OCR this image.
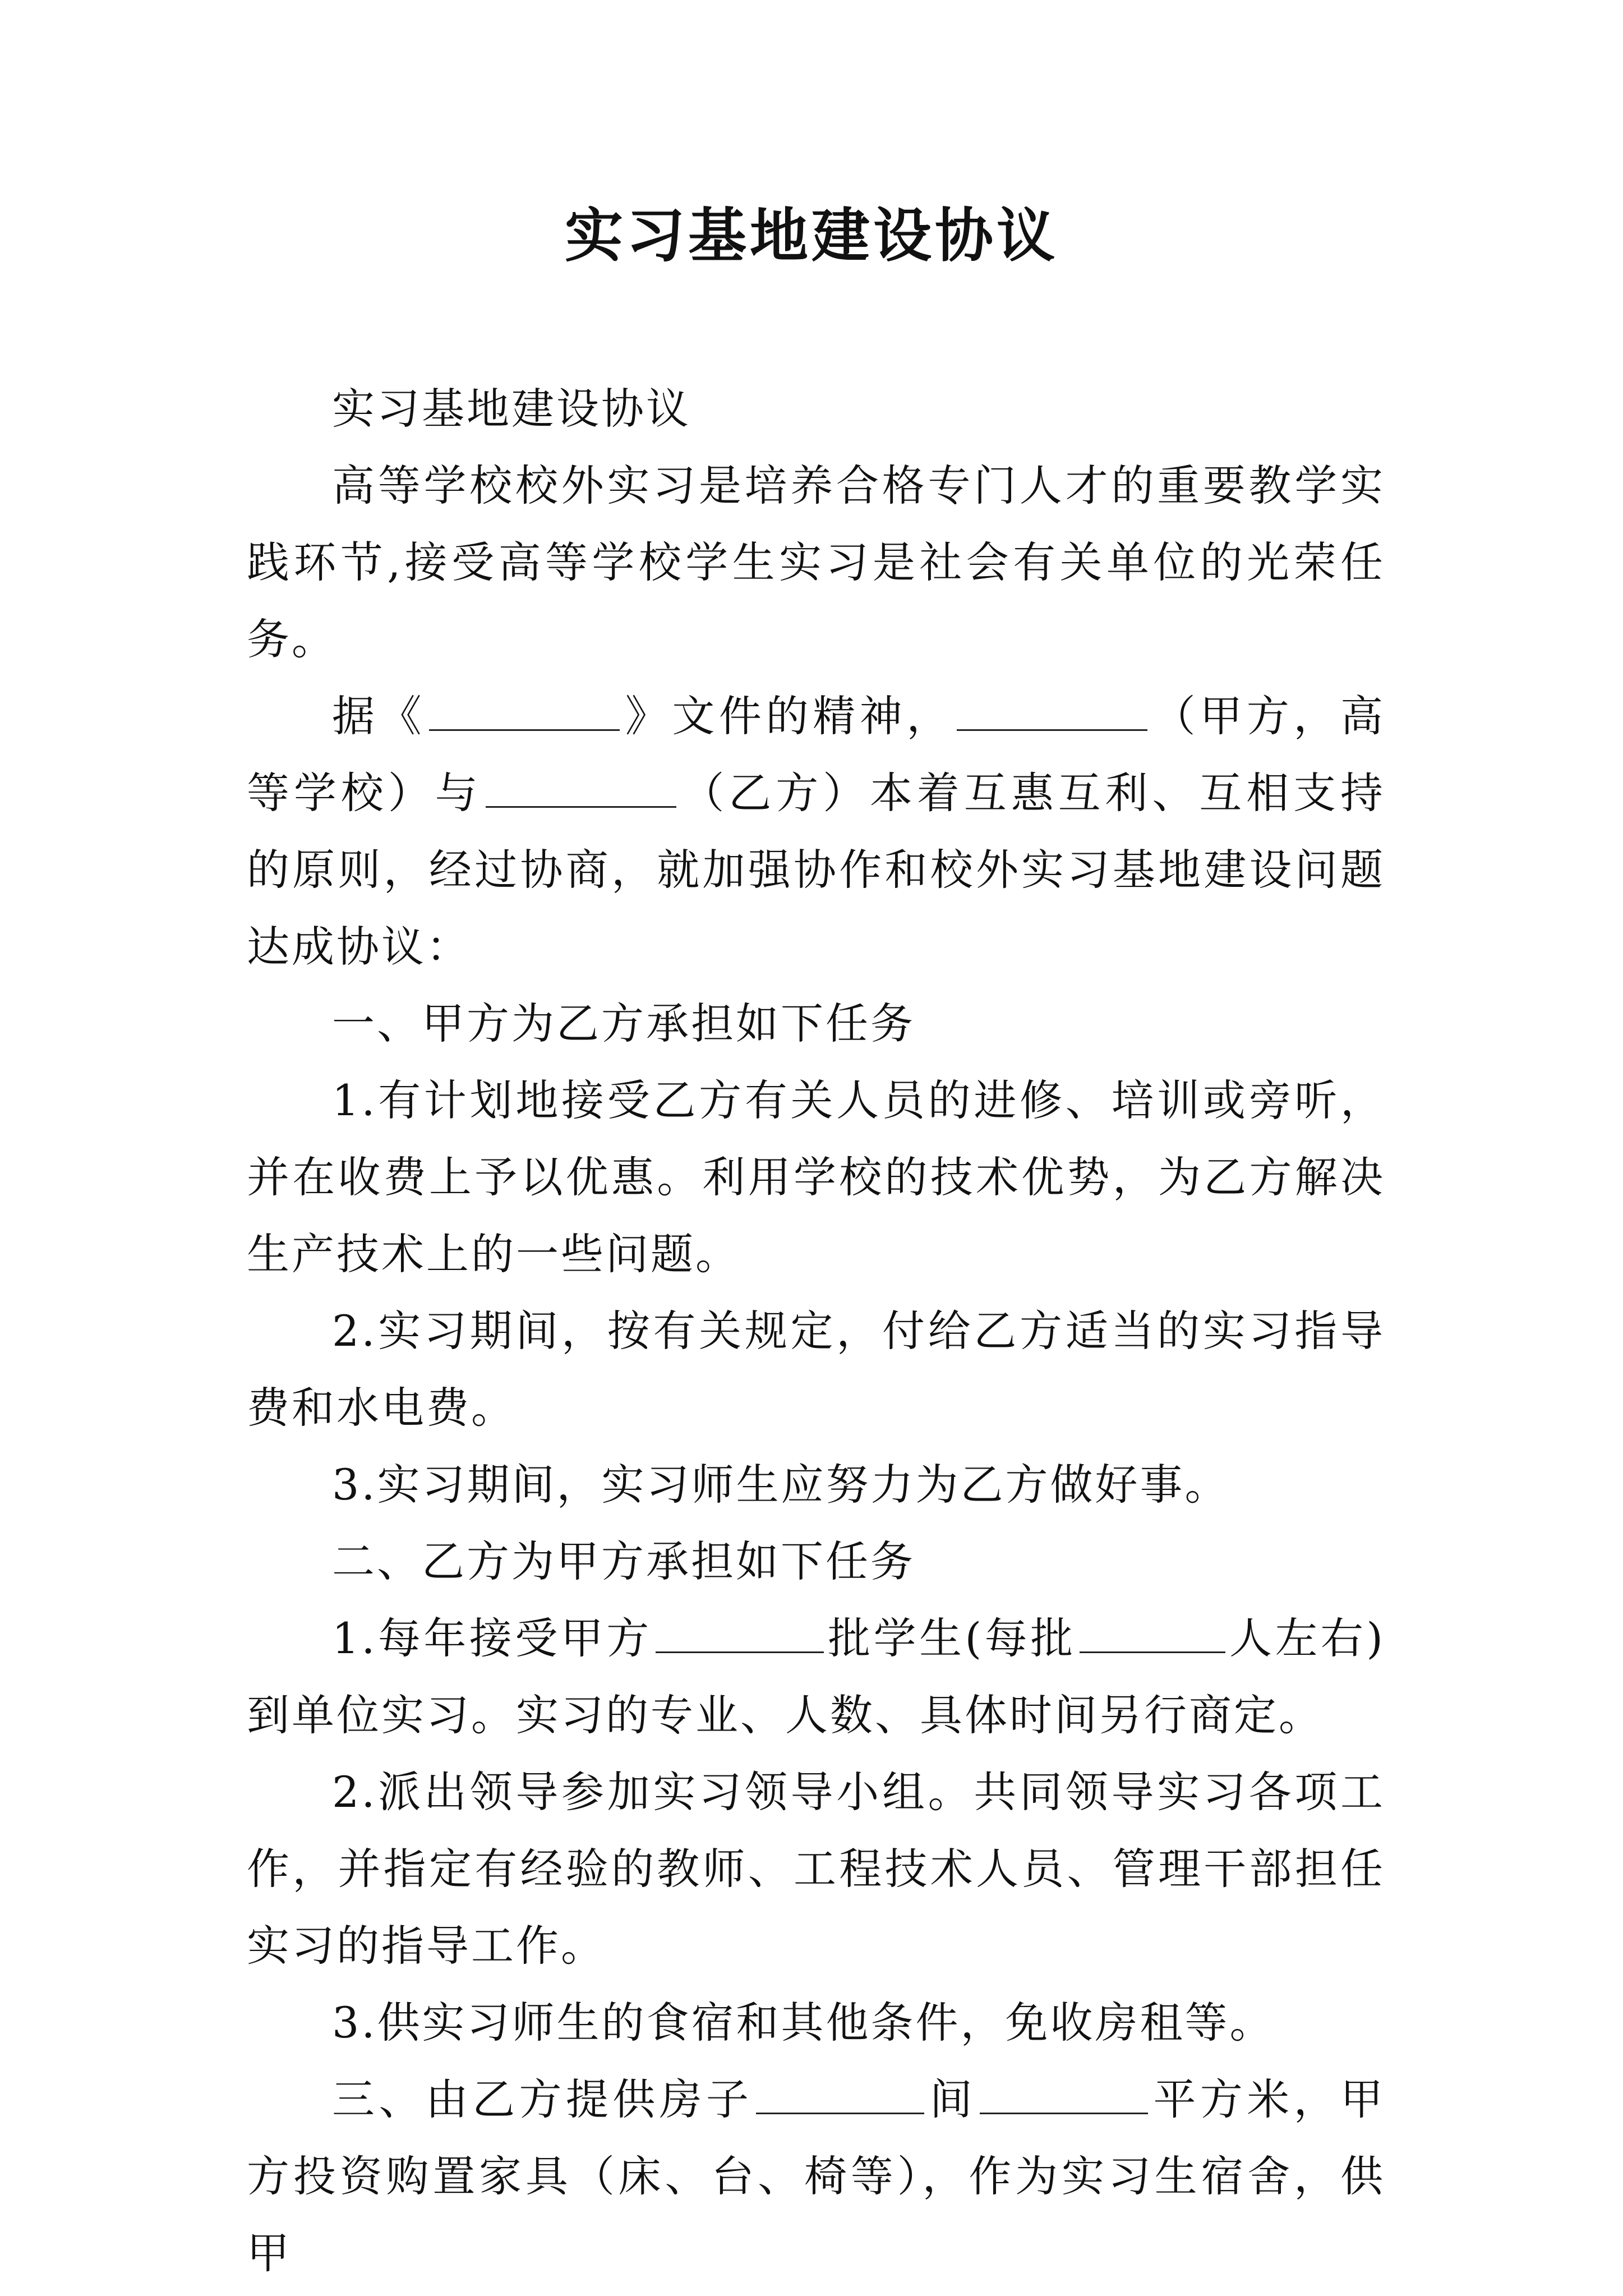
实习基地建设协议

实习基地建设协议

高等学校校外实习是培养合格专门人才的重要教学实践环节,接受高等学校学生实习是社会有关单位的光荣任务。

据《	》文件的精神，	（甲方，高等学校）与	（乙方）本着互惠互利、互相支持的原则，经过协商，就加强协作和校外实习基地建设问题达成协议：

一、甲方为乙方承担如下任务

1.有计划地接受乙方有关人员的进修、培训或旁听，并在收费上予以优惠。利用学校的技术优势，为乙方解决生产技术上的一些问题。

2.实习期间，按有关规定，付给乙方适当的实习指导费和水电费。

3.实习期间，实习师生应努力为乙方做好事。

二、乙方为甲方承担如下任务

1.每年接受甲方	批学生(每批	人左右)到单位实习。实习的专业、人数、具体时间另行商定。

2.派出领导参加实习领导小组。共同领导实习各项工作，并指定有经验的教师、工程技术人员、管理干部担任实习的指导工作。

3.供实习师生的食宿和其他条件，免收房租等。

三、由乙方提供房子	间	平方米，甲方投资购置家具（床、台、椅等），作为实习生宿舍，供甲
